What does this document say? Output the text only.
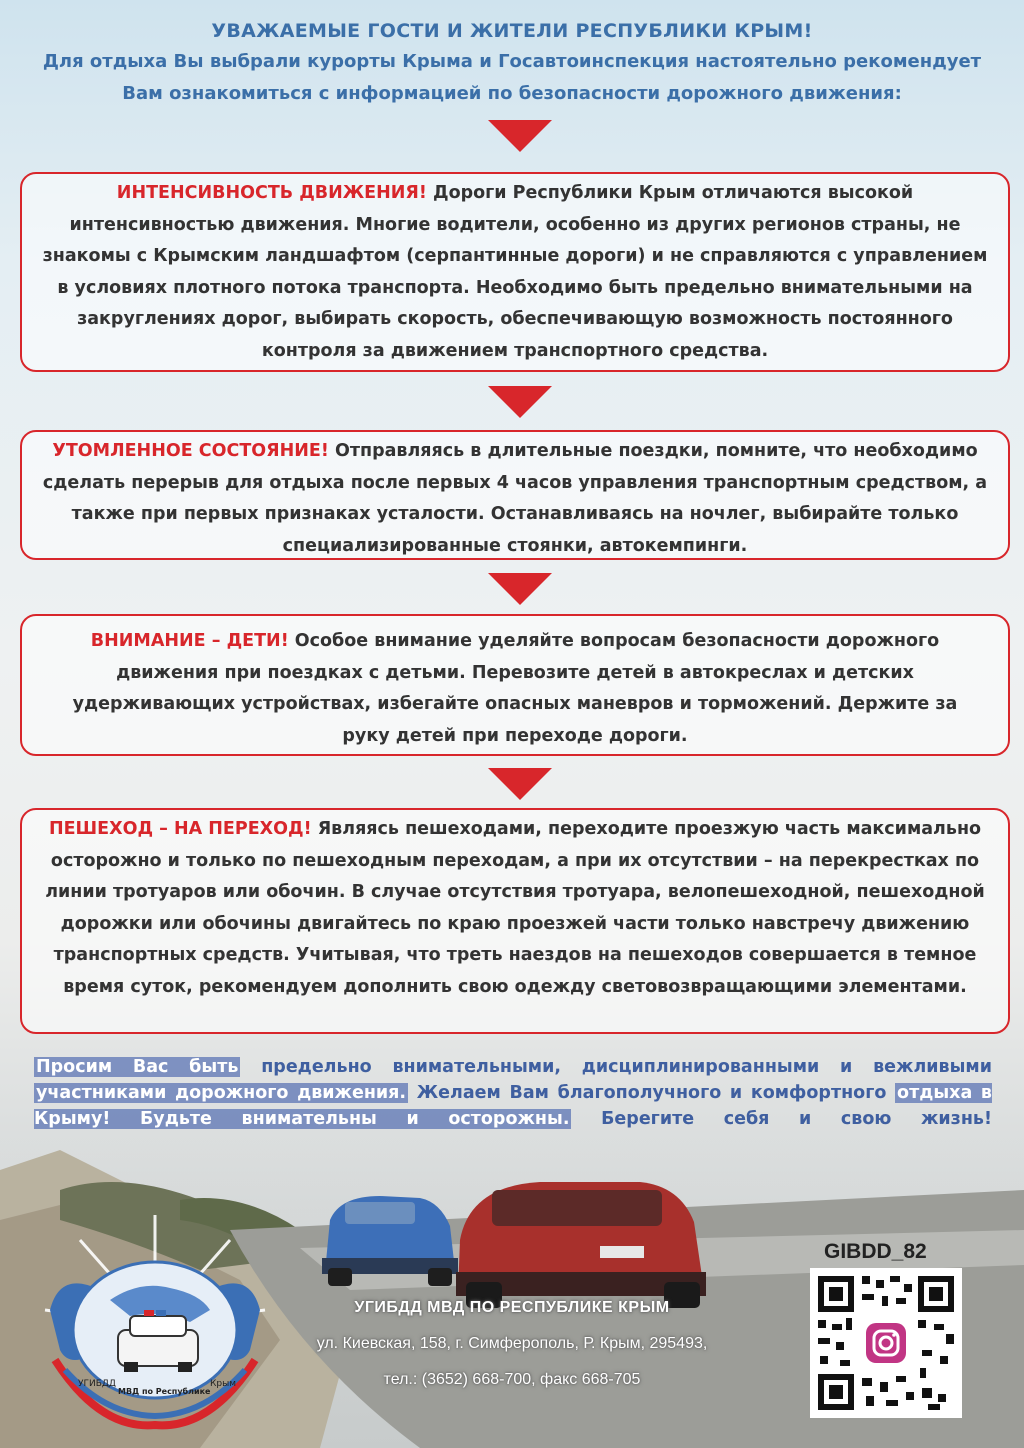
УВАЖАЕМЫЕ ГОСТИ И ЖИТЕЛИ РЕСПУБЛИКИ КРЫМ!
Для отдыха Вы выбрали курорты Крыма и Госавтоинспекция настоятельно рекомендует Вам ознакомиться с информацией по безопасности дорожного движения:
ИНТЕНСИВНОСТЬ ДВИЖЕНИЯ! Дороги Республики Крым отличаются высокой интенсивностью движения. Многие водители, особенно из других регионов страны, не знакомы с Крымским ландшафтом (серпантинные дороги) и не справляются с управлением в условиях плотного потока транспорта. Необходимо быть предельно внимательными на закруглениях дорог, выбирать скорость, обеспечивающую возможность постоянного контроля за движением транспортного средства.
УТОМЛЕННОЕ СОСТОЯНИЕ! Отправляясь в длительные поездки, помните, что необходимо сделать перерыв для отдыха после первых 4 часов управления транспортным средством, а также при первых признаках усталости. Останавливаясь на ночлег, выбирайте только специализированные стоянки, автокемпинги.
ВНИМАНИЕ – ДЕТИ! Особое внимание уделяйте вопросам безопасности дорожного движения при поездках с детьми. Перевозите детей в автокреслах и детских удерживающих устройствах, избегайте опасных маневров и торможений. Держите за руку детей при переходе дороги.
ПЕШЕХОД – НА ПЕРЕХОД! Являясь пешеходами, переходите проезжую часть максимально осторожно и только по пешеходным переходам, а при их отсутствии – на перекрестках по линии тротуаров или обочин. В случае отсутствия тротуара, велопешеходной, пешеходной дорожки или обочины двигайтесь по краю проезжей части только навстречу движению транспортных средств. Учитывая, что треть наездов на пешеходов совершается в темное время суток, рекомендуем дополнить свою одежду световозвращающими элементами.
Просим Вас быть предельно внимательными, дисциплинированными и вежливыми участниками дорожного движения. Желаем Вам благополучного и комфортного отдыха в Крыму! Будьте внимательны и осторожны. Берегите себя и свою жизнь!
УГИБДД	Крым
МВД по Республике
УГИБДД МВД ПО РЕСПУБЛИКЕ КРЫМ
ул. Киевская, 158, г. Симферополь, Р. Крым, 295493,
тел.: (3652) 668-700, факс 668-705
GIBDD_82
